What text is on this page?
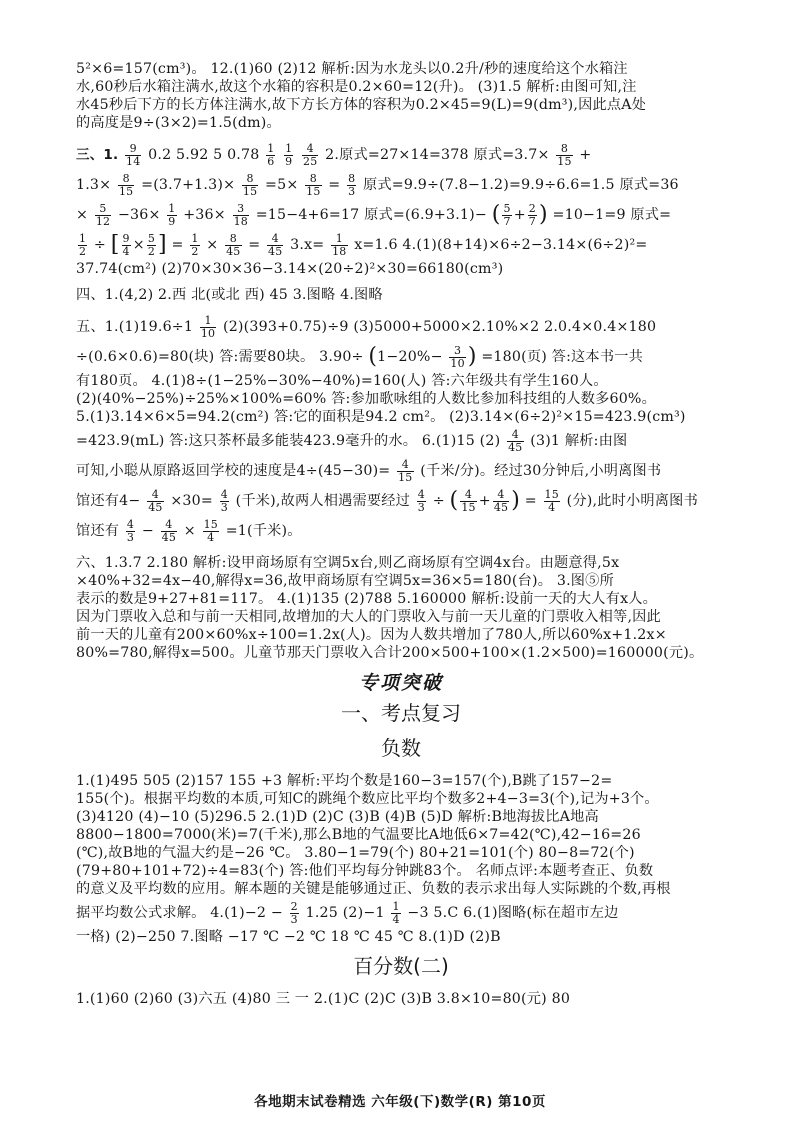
5²×6=157(cm³)。 12.(1)60 (2)12 解析:因为水龙头以0.2升/秒的速度给这个水箱注
水,60秒后水箱注满水,故这个水箱的容积是0.2×60=12(升)。 (3)1.5 解析:由图可知,注
水45秒后下方的长方体注满水,故下方长方体的容积为0.2×45=9(L)=9(dm³),因此点A处
的高度是9÷(3×2)=1.5(dm)。
三、1. $\frac{9}{14} 0.2$ 5.92 5 $0.78 \frac{1}{6}$
$\frac{1}{9}$
$\frac{4}{25} 2$.原式=27×14=378 原式$=3.7\times \frac{8}{15}$ +
$1.3\times \frac{8}{15} =(3.7+1.3)\times \frac{8}{15} =5\times \frac{8}{15} = \frac{8}{3}$ 原式=9.9÷(7.8−1.2)=9.9÷6.6=1.5 原式=36
× $\frac{5}{12} -36\times \frac{1}{9} +36\times \frac{3}{18} =15-4+6=17$ 原式=(6.9+3.1)− ( $\frac{5}{7} + \frac{2}{7}$ ) =10−1=9 原式=
$\frac{1}{2}$ ÷ [ $\frac{9}{4} \times \frac{5}{2}$ ] = $\frac{1}{2} \times \frac{8}{45} = \frac{4}{45} 3.x= \frac{1}{18} x=1.6$ 4.(1)(8+14)×6÷2−3.14×(6÷2)²=
37.74(cm²) (2)70×30×36−3.14×(20÷2)²×30=66180(cm³)
四、1.(4,2) 2.西 北(或北 西) 45 3.图略 4.图略
五、$1.(1)19.6\div 1 \frac{1}{10} (2)(393+0.75)\div 9$ (3)5000+5000×2.10%×2 2.0.4×0.4×180
÷(0.6×0.6)=80(块) 答:需要80块。 $3.90\div (1-20\%- \frac{3}{10}$ ) =180(页) 答:这本书一共
有180页。 4.(1)8÷(1−25%−30%−40%)=160(人) 答:六年级共有学生160人。
(2)(40%−25%)÷25%×100%=60% 答:参加歌咏组的人数比参加科技组的人数多60%。
5.(1)3.14×6×5=94.2(cm²) 答:它的面积是94.2 cm²。 (2)3.14×(6÷2)²×15=423.9(cm³)
=423.9(mL) 答:这只茶杯最多能装423.9毫升的水。 6.(1)15 $(2) \frac{4}{45} (3)1$ 解析:由图
可知,小聪从原路返回学校的速度是$4\div(45-30)= \frac{4}{15}$ (千米/分)。经过30分钟后,小明离图书
馆还有$4- \frac{4}{45} \times 30= \frac{4}{3}$ (千米),故两人相遇需要经过 $\frac{4}{3}$ ÷ ( $\frac{4}{15} + \frac{4}{45}$ ) = $\frac{15}{4}$ (分),此时小明离图书
馆还有 $\frac{4}{3} - \frac{4}{45} \times \frac{15}{4} =1$(千米)。
六、1.3.7 2.180 解析:设甲商场原有空调5x台,则乙商场原有空调4x台。由题意得,5x
×40%+32=4x−40,解得x=36,故甲商场原有空调5x=36×5=180(台)。 3.图⑤所
表示的数是9+27+81=117。 4.(1)135 (2)788 5.160000 解析:设前一天的大人有x人。
因为门票收入总和与前一天相同,故增加的大人的门票收入与前一天儿童的门票收入相等,因此
前一天的儿童有200×60%x÷100=1.2x(人)。因为人数共增加了780人,所以60%x+1.2x×
80%=780,解得x=500。儿童节那天门票收入合计200×500+100×(1.2×500)=160000(元)。
专项突破
一、考点复习
负数
1.(1)495 505 (2)157 155 +3 解析:平均个数是160−3=157(个),B跳了157−2=
155(个)。根据平均数的本质,可知C的跳绳个数应比平均个数多2+4−3=3(个),记为+3个。
(3)4120 (4)−10 (5)296.5 2.(1)D (2)C (3)B (4)B (5)D 解析:B地海拔比A地高
8800−1800=7000(米)=7(千米),那么B地的气温要比A地低6×7=42(℃),42−16=26
(℃),故B地的气温大约是−26 ℃。 3.80−1=79(个) 80+21=101(个) 80−8=72(个)
(79+80+101+72)÷4=83(个) 答:他们平均每分钟跳83个。 名师点评:本题考查正、负数
的意义及平均数的应用。解本题的关键是能够通过正、负数的表示求出每人实际跳的个数,再根
据平均数公式求解。 $4.(1)-2 - \frac{2}{3} 1.25$ $(2)-1 \frac{1}{4} -3$ 5.C 6.(1)图略(标在超市左边
一格) (2)−250 7.图略 −17 ℃ −2 ℃ 18 ℃ 45 ℃ 8.(1)D (2)B
百分数(二)
1.(1)60 (2)60 (3)六五 (4)80 三 一 2.(1)C (2)C (3)B 3.8×10=80(元) 80
各地期末试卷精选 六年级(下)数学(R) 第10页
